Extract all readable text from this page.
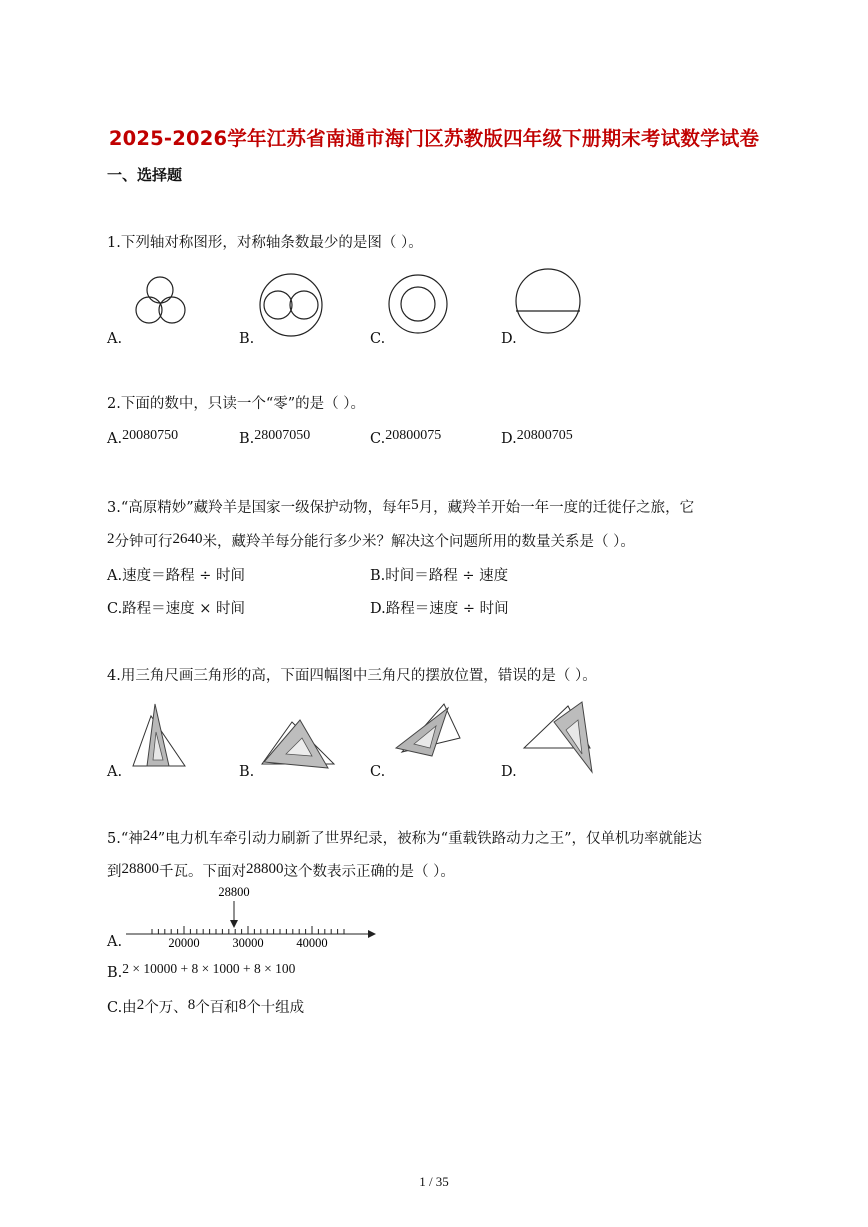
2025-2026学年江苏省南通市海门区苏教版四年级下册期末考试数学试卷
一、选择题
1.下列轴对称图形，对称轴条数最少的是图（ ）。
A.	B.	C.	D.
2.下面的数中，只读一个“零”的是（ ）。
A.20080750	B.28007050	C.20800075	D.20800705
3.“高原精妙”藏羚羊是国家一级保护动物，每年5月，藏羚羊开始一年一度的迁徙仔之旅，它
2分钟可行2640米，藏羚羊每分能行多少米？解决这个问题所用的数量关系是（ ）。
A.速度＝路程 ÷ 时间	B.时间＝路程 ÷ 速度
C.路程＝速度 × 时间	D.路程＝速度 ÷ 时间
4.用三角尺画三角形的高，下面四幅图中三角尺的摆放位置，错误的是（ ）。
A.	B.	C.	D.
5.“神24”电力机车牵引动力刷新了世界纪录，被称为“重载铁路动力之王”，仅单机功率就能达
到28800千瓦。下面对28800这个数表示正确的是（ ）。
A.
28800
20000	30000	40000
B.2 × 10000 + 8 × 1000 + 8 × 100
C.由2个万、8个百和8个十组成
1 / 35
